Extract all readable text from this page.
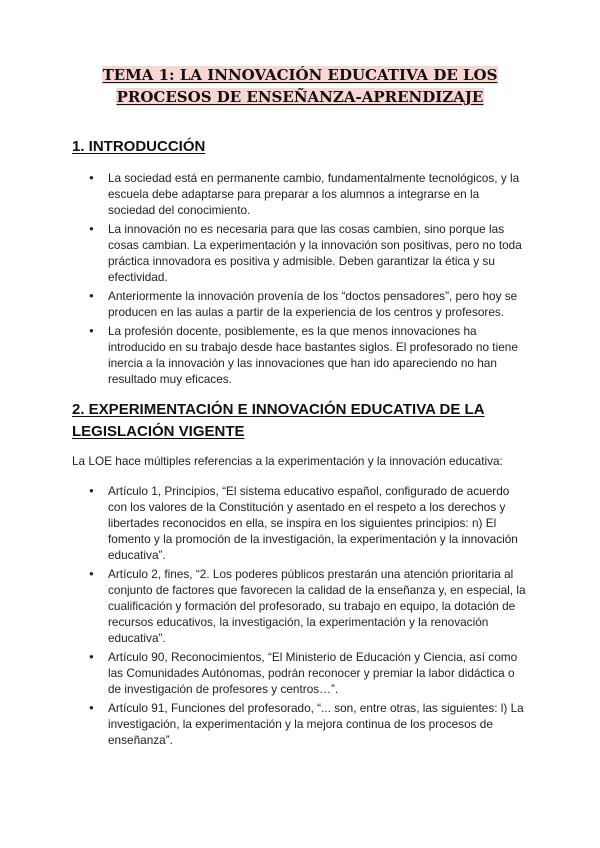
TEMA 1: LA INNOVACIÓN EDUCATIVA DE LOS
PROCESOS DE ENSEÑANZA-APRENDIZAJE
1. INTRODUCCIÓN
● La sociedad está en permanente cambio, fundamentalmente tecnológicos, y la escuela debe adaptarse para preparar a los alumnos a integrarse en la sociedad del conocimiento.
● La innovación no es necesaria para que las cosas cambien, sino porque las cosas cambian. La experimentación y la innovación son positivas, pero no toda práctica innovadora es positiva y admisible. Deben garantizar la ética y su efectividad.
● Anteriormente la innovación provenía de los “doctos pensadores”, pero hoy se producen en las aulas a partir de la experiencia de los centros y profesores.
● La profesión docente, posiblemente, es la que menos innovaciones ha introducido en su trabajo desde hace bastantes siglos. El profesorado no tiene inercia a la innovación y las innovaciones que han ido apareciendo no han resultado muy eficaces.
2. EXPERIMENTACIÓN E INNOVACIÓN EDUCATIVA DE LA
LEGISLACIÓN VIGENTE

La LOE hace múltiples referencias a la experimentación y la innovación educativa:

● Artículo 1, Principios, “El sistema educativo español, configurado de acuerdo con los valores de la Constitución y asentado en el respeto a los derechos y libertades reconocidos en ella, se inspira en los siguientes principios: n) El fomento y la promoción de la investigación, la experimentación y la innovación educativa”.
● Artículo 2, fines, “2. Los poderes públicos prestarán una atención prioritaria al conjunto de factores que favorecen la calidad de la enseñanza y, en especial, la cualificación y formación del profesorado, su trabajo en equipo, la dotación de recursos educativos, la investigación, la experimentación y la renovación educativa”.
● Artículo 90, Reconocimientos, “El Ministerio de Educación y Ciencia, así como las Comunidades Autónomas, podrán reconocer y premiar la labor didáctica o de investigación de profesores y centros…”.
● Artículo 91, Funciones del profesorado, “... son, entre otras, las siguientes: l) La investigación, la experimentación y la mejora continua de los procesos de enseñanza”.
